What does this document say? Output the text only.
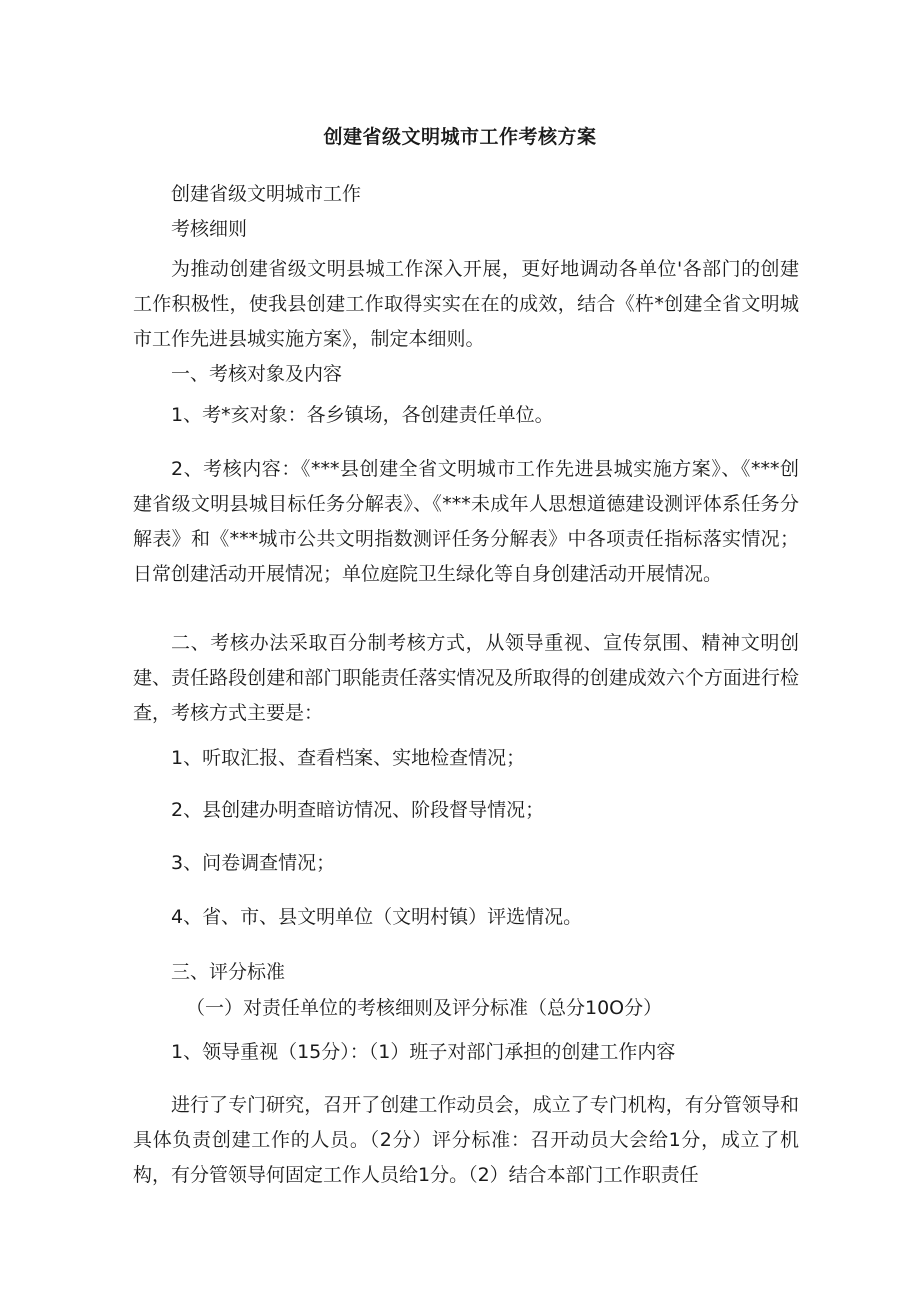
创建省级文明城市工作考核方案
创建省级文明城市工作
考核细则
为推动创建省级文明县城工作深入开展，更好地调动各单位'各部门的创建工作积极性，使我县创建工作取得实实在在的成效，结合《杵*创建全省文明城市工作先进县城实施方案》，制定本细则。
一、考核对象及内容
1、考*亥对象：各乡镇场，各创建责任单位。
2、考核内容：《***县创建全省文明城市工作先进县城实施方案》、《***创建省级文明县城目标任务分解表》、《***未成年人思想道德建设测评体系任务分解表》和《***城市公共文明指数测评任务分解表》中各项责任指标落实情况；日常创建活动开展情况；单位庭院卫生绿化等自身创建活动开展情况。
二、考核办法采取百分制考核方式，从领导重视、宣传氛围、精神文明创建、责任路段创建和部门职能责任落实情况及所取得的创建成效六个方面进行检查，考核方式主要是：
1、听取汇报、查看档案、实地检查情况；
2、县创建办明查暗访情况、阶段督导情况；
3、问卷调查情况；
4、省、市、县文明单位（文明村镇）评选情况。
三、评分标准
（一）对责任单位的考核细则及评分标准（总分10O分）
1、领导重视（15分）：（1）班子对部门承担的创建工作内容
进行了专门研究，召开了创建工作动员会，成立了专门机构，有分管领导和具体负责创建工作的人员。（2分）评分标准：召开动员大会给1分，成立了机构，有分管领导何固定工作人员给1分。（2）结合本部门工作职责任
